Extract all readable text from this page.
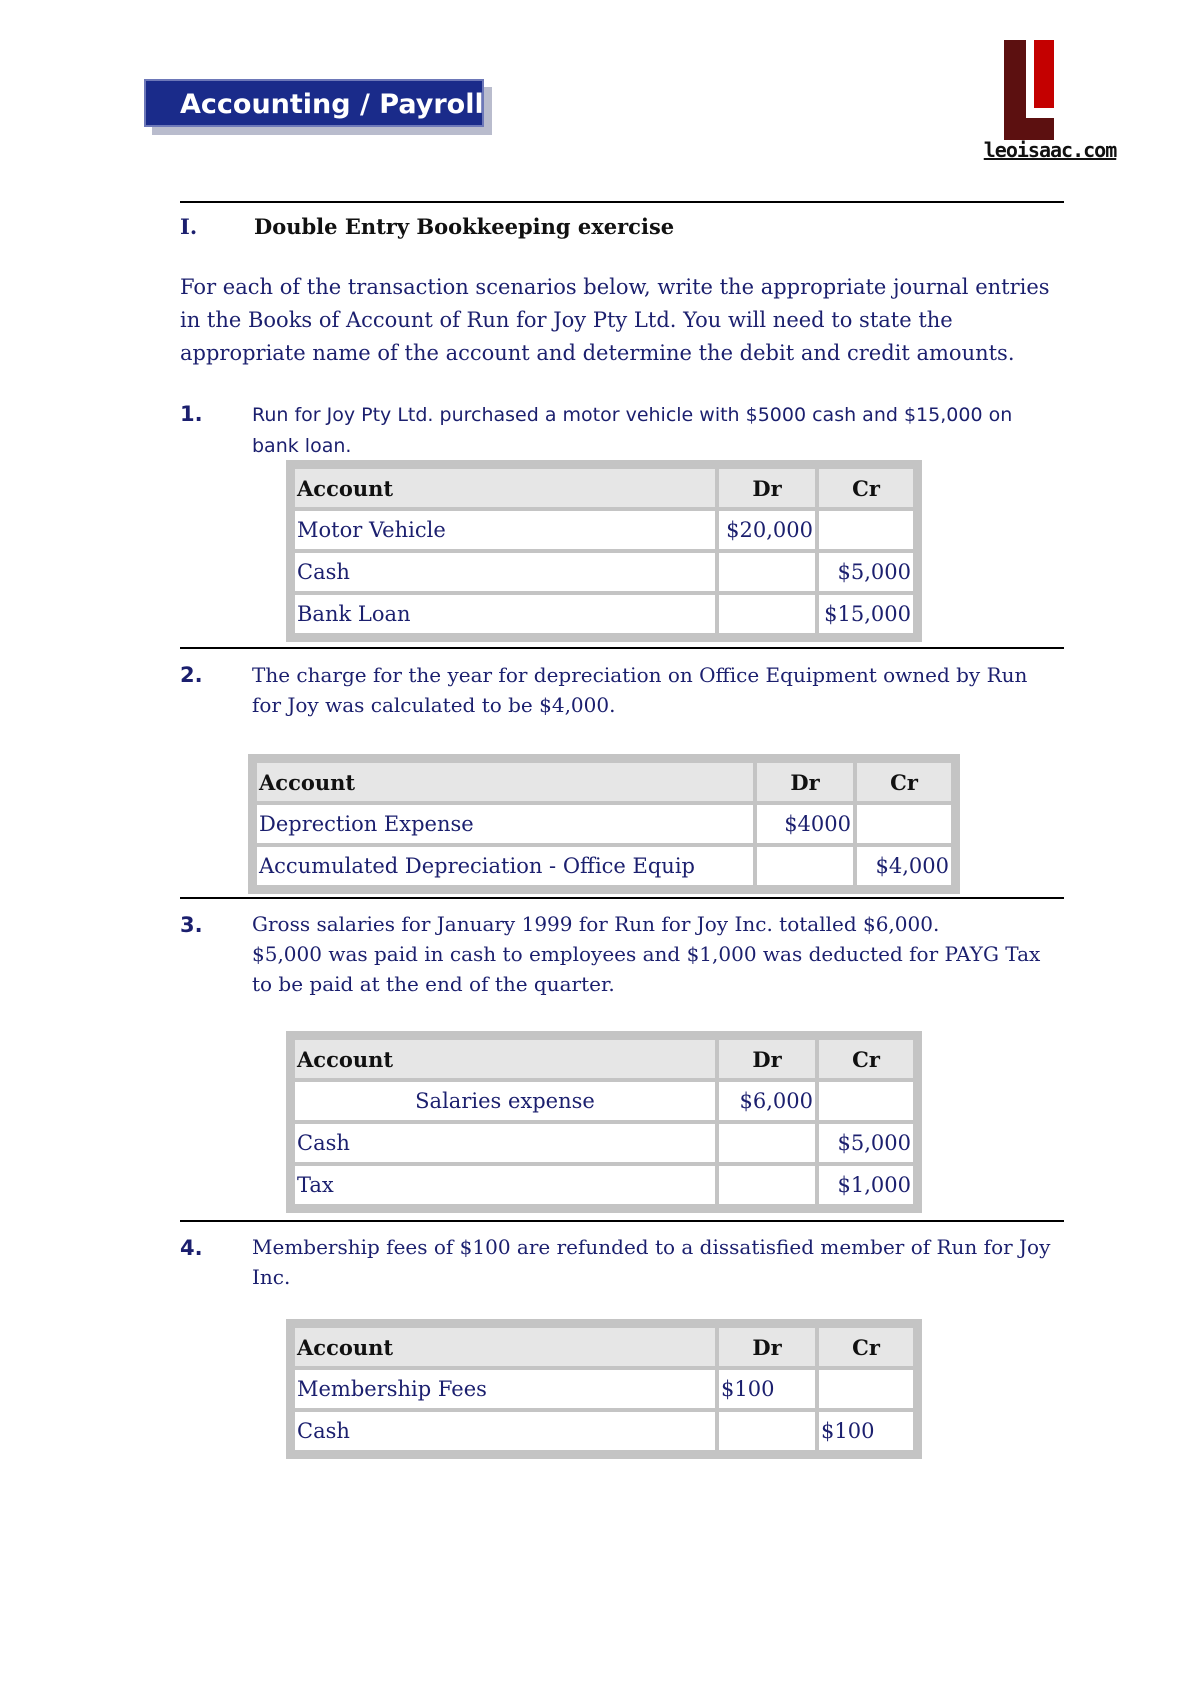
Accounting / Payroll
leoisaac.com
I.	Double Entry Bookkeeping exercise
For each of the transaction scenarios below, write the appropriate journal entries in the Books of Account of Run for Joy Pty Ltd. You will need to state the appropriate name of the account and determine the debit and credit amounts.
1.	Run for Joy Pty Ltd. purchased a motor vehicle with $5000 cash and $15,000 on bank loan.
Account	Dr	Cr
Motor Vehicle	$20,000	
Cash		$5,000
Bank Loan		$15,000
2. The charge for the year for depreciation on Office Equipment owned by Run for Joy was calculated to be $4,000.
Account	Dr	Cr
Deprection Expense	$4000	
Accumulated Depreciation - Office Equip		$4,000
3. Gross salaries for January 1999 for Run for Joy Inc. totalled $6,000.
$5,000 was paid in cash to employees and $1,000 was deducted for PAYG Tax to be paid at the end of the quarter.
Account	Dr	Cr
Salaries expense	$6,000	
Cash		$5,000
Tax		$1,000
4. Membership fees of $100 are refunded to a dissatisfied member of Run for Joy Inc.
Account	Dr	Cr
Membership Fees	$100	
Cash		$100
